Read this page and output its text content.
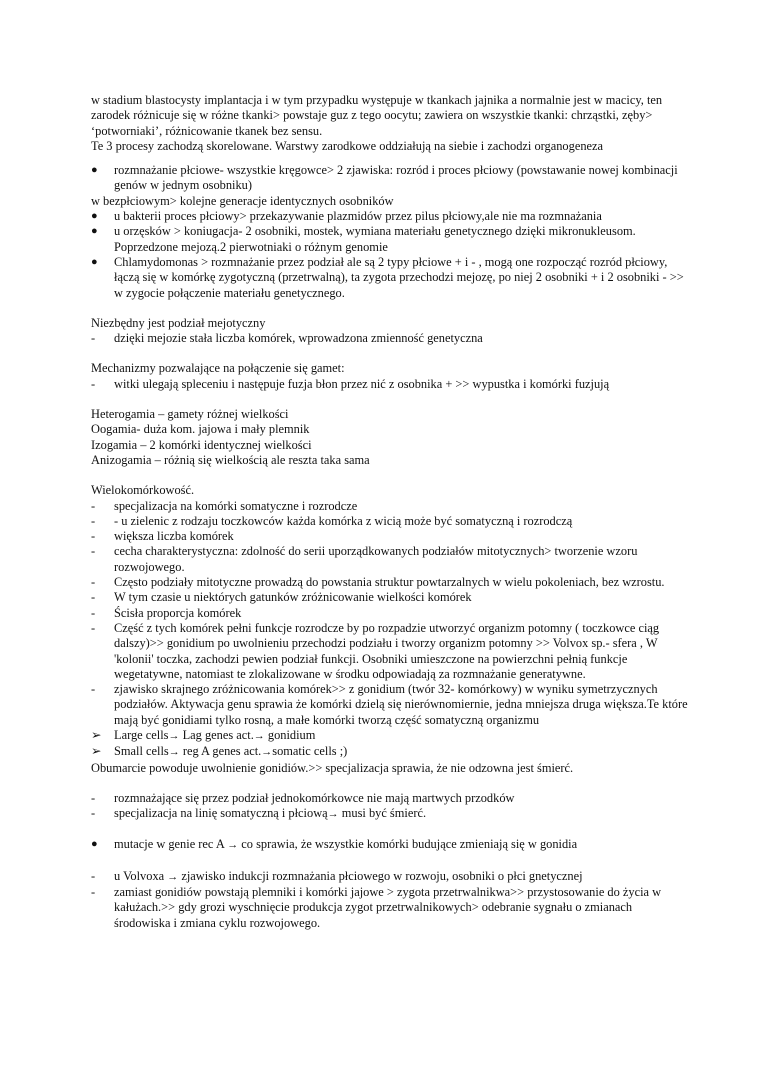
w stadium blastocysty implantacja i w tym przypadku występuje w tkankach jajnika a normalnie jest w macicy, ten zarodek różnicuje się w różne tkanki> powstaje guz z tego oocytu; zawiera on wszystkie tkanki: chrząstki, zęby> ‘potworniaki’, różnicowanie tkanek bez sensu.

Te 3 procesy zachodzą skorelowane. Warstwy zarodkowe oddziałują na siebie i zachodzi organogeneza

●	rozmnażanie płciowe- wszystkie kręgowce> 2 zjawiska: rozród i proces płciowy (powstawanie nowej kombinacji genów w jednym osobniku)

w bezpłciowym> kolejne generacje identycznych osobników

●	u bakterii proces płciowy> przekazywanie plazmidów przez pilus płciowy,ale nie ma rozmnażania
●	u orzęsków > koniugacja- 2 osobniki, mostek, wymiana materiału genetycznego dzięki mikronukleusom. Poprzedzone mejozą.2 pierwotniaki o różnym genomie
●	Chlamydomonas > rozmnażanie przez podział ale są 2 typy płciowe + i - , mogą one rozpocząć rozród płciowy, łączą się w komórkę zygotyczną (przetrwalną), ta zygota przechodzi mejozę, po niej 2 osobniki + i 2 osobniki - >> w zygocie połączenie materiału genetycznego.

Niezbędny jest podział mejotyczny

-	dzięki mejozie stała liczba komórek, wprowadzona zmienność genetyczna

Mechanizmy pozwalające na połączenie się gamet:

-	witki ulegają spleceniu i następuje fuzja błon przez nić z osobnika + >> wypustka i komórki fuzjują

Heterogamia – gamety różnej wielkości

Oogamia- duża kom. jajowa i mały plemnik

Izogamia – 2 komórki identycznej wielkości

Anizogamia – różnią się wielkością ale reszta taka sama

Wielokomórkowość.

-	specjalizacja na komórki somatyczne i rozrodcze
-	- u zielenic z rodzaju toczkowców każda komórka z wicią może być somatyczną i rozrodczą
-	większa liczba komórek
-	cecha charakterystyczna: zdolność do serii uporządkowanych podziałów mitotycznych> tworzenie wzoru rozwojowego.
-	Często podziały mitotyczne prowadzą do powstania struktur powtarzalnych w wielu pokoleniach, bez wzrostu.
-	W tym czasie u niektórych gatunków zróżnicowanie wielkości komórek
-	Ścisła proporcja komórek
-	Część z tych komórek pełni funkcje rozrodcze by po rozpadzie utworzyć organizm potomny ( toczkowce ciąg dalszy)>> gonidium po uwolnieniu przechodzi podziału i tworzy organizm potomny >> Volvox sp.- sfera , W 'kolonii' toczka, zachodzi pewien podział funkcji. Osobniki umieszczone na powierzchni pełnią funkcje wegetatywne, natomiast te zlokalizowane w środku odpowiadają za rozmnażanie generatywne.
-	zjawisko skrajnego zróżnicowania komórek>> z gonidium (twór 32- komórkowy) w wyniku symetrzycznych podziałów. Aktywacja genu sprawia że komórki dzielą się nierównomiernie, jedna mniejsza druga większa.Te które mają być gonidiami tylko rosną, a małe komórki tworzą część somatyczną organizmu
➢	Large cells→ Lag genes act.→ gonidium
➢	Small cells→ reg A genes act.→somatic cells ;)

Obumarcie powoduje uwolnienie gonidiów.>> specjalizacja sprawia, że nie odzowna jest śmierć.

-	rozmnażające się przez podział jednokomórkowce nie mają martwych przodków
-	specjalizacja na linię somatyczną i płciową→ musi być śmierć.
●	mutacje w genie rec A → co sprawia, że wszystkie komórki budujące zmieniają się w gonidia
-	u Volvoxa → zjawisko indukcji rozmnażania płciowego w rozwoju, osobniki o płci gnetycznej
-	zamiast gonidiów powstają plemniki i komórki jajowe > zygota przetrwalnikwa>> przystosowanie do życia w kałużach.>> gdy grozi wyschnięcie produkcja zygot przetrwalnikowych> odebranie sygnału o zmianach środowiska i zmiana cyklu rozwojowego.
